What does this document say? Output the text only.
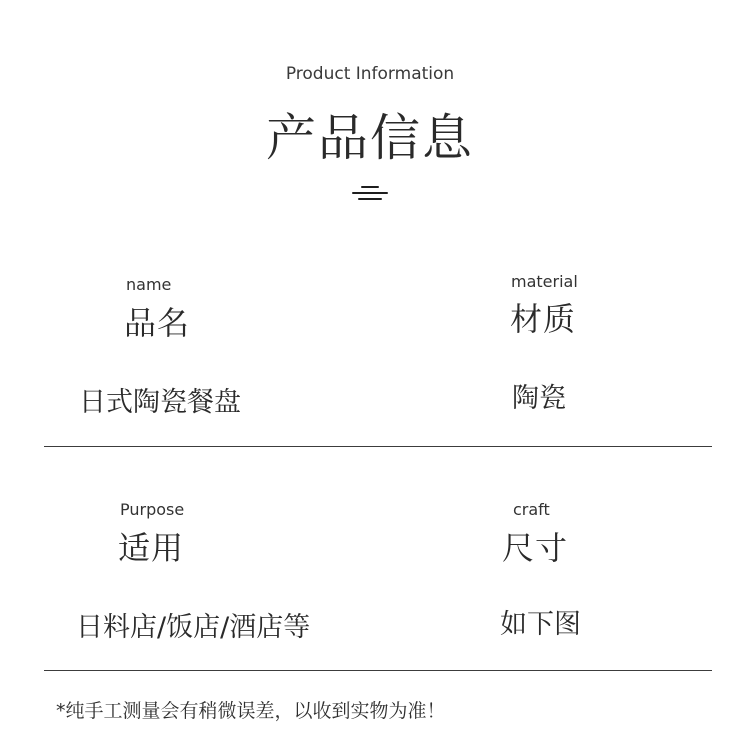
Product Information
产品信息
name
品名
日式陶瓷餐盘
material
材质
陶瓷
Purpose
适用
日料店/饭店/酒店等
craft
尺寸
如下图
*纯手工测量会有稍微误差，以收到实物为准！
